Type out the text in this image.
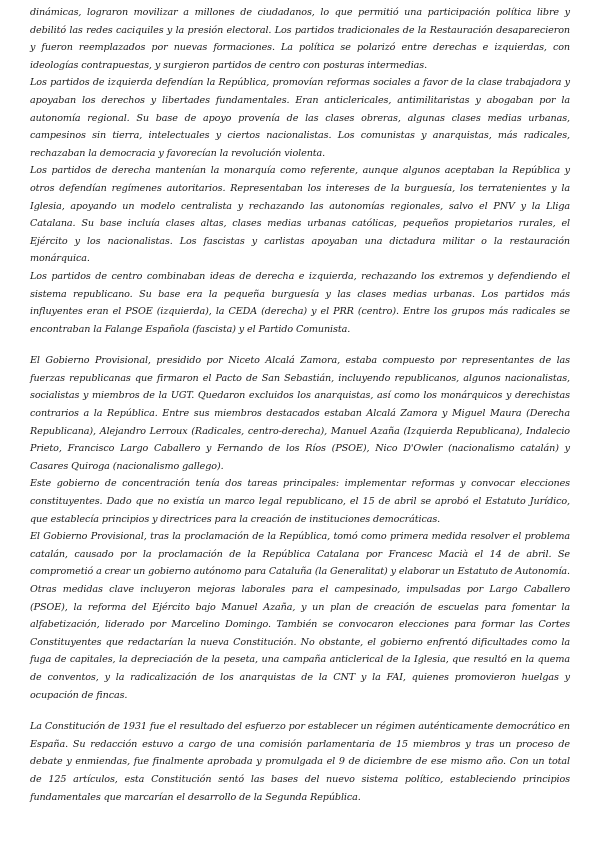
dinámicas, lograron movilizar a millones de ciudadanos, lo que permitió una participación política libre y debilitó las redes caciquiles y la presión electoral. Los partidos tradicionales de la Restauración desaparecieron y fueron reemplazados por nuevas formaciones. La política se polarizó entre derechas e izquierdas, con ideologías contrapuestas, y surgieron partidos de centro con posturas intermedias.

Los partidos de izquierda defendían la República, promovían reformas sociales a favor de la clase trabajadora y apoyaban los derechos y libertades fundamentales. Eran anticlericales, antimilitaristas y abogaban por la autonomía regional. Su base de apoyo provenía de las clases obreras, algunas clases medias urbanas, campesinos sin tierra, intelectuales y ciertos nacionalistas. Los comunistas y anarquistas, más radicales, rechazaban la democracia y favorecían la revolución violenta.

Los partidos de derecha mantenían la monarquía como referente, aunque algunos aceptaban la República y otros defendían regímenes autoritarios. Representaban los intereses de la burguesía, los terratenientes y la Iglesia, apoyando un modelo centralista y rechazando las autonomías regionales, salvo el PNV y la Lliga Catalana. Su base incluía clases altas, clases medias urbanas católicas, pequeños propietarios rurales, el Ejército y los nacionalistas. Los fascistas y carlistas apoyaban una dictadura militar o la restauración monárquica.

Los partidos de centro combinaban ideas de derecha e izquierda, rechazando los extremos y defendiendo el sistema republicano. Su base era la pequeña burguesía y las clases medias urbanas. Los partidos más influyentes eran el PSOE (izquierda), la CEDA (derecha) y el PRR (centro). Entre los grupos más radicales se encontraban la Falange Española (fascista) y el Partido Comunista.

El Gobierno Provisional, presidido por Niceto Alcalá Zamora, estaba compuesto por representantes de las fuerzas republicanas que firmaron el Pacto de San Sebastián, incluyendo republicanos, algunos nacionalistas, socialistas y miembros de la UGT. Quedaron excluidos los anarquistas, así como los monárquicos y derechistas contrarios a la República. Entre sus miembros destacados estaban Alcalá Zamora y Miguel Maura (Derecha Republicana), Alejandro Lerroux (Radicales, centro-derecha), Manuel Azaña (Izquierda Republicana), Indalecio Prieto, Francisco Largo Caballero y Fernando de los Ríos (PSOE), Nico D'Owler (nacionalismo catalán) y Casares Quiroga (nacionalismo gallego).

Este gobierno de concentración tenía dos tareas principales: implementar reformas y convocar elecciones constituyentes. Dado que no existía un marco legal republicano, el 15 de abril se aprobó el Estatuto Jurídico, que establecía principios y directrices para la creación de instituciones democráticas.

El Gobierno Provisional, tras la proclamación de la República, tomó como primera medida resolver el problema catalán, causado por la proclamación de la República Catalana por Francesc Macià el 14 de abril. Se comprometió a crear un gobierno autónomo para Cataluña (la Generalitat) y elaborar un Estatuto de Autonomía. Otras medidas clave incluyeron mejoras laborales para el campesinado, impulsadas por Largo Caballero (PSOE), la reforma del Ejército bajo Manuel Azaña, y un plan de creación de escuelas para fomentar la alfabetización, liderado por Marcelino Domingo. También se convocaron elecciones para formar las Cortes Constituyentes que redactarían la nueva Constitución. No obstante, el gobierno enfrentó dificultades como la fuga de capitales, la depreciación de la peseta, una campaña anticlerical de la Iglesia, que resultó en la quema de conventos, y la radicalización de los anarquistas de la CNT y la FAI, quienes promovieron huelgas y ocupación de fincas.

La Constitución de 1931 fue el resultado del esfuerzo por establecer un régimen auténticamente democrático en España. Su redacción estuvo a cargo de una comisión parlamentaria de 15 miembros y tras un proceso de debate y enmiendas, fue finalmente aprobada y promulgada el 9 de diciembre de ese mismo año. Con un total de 125 artículos, esta Constitución sentó las bases del nuevo sistema político, estableciendo principios fundamentales que marcarían el desarrollo de la Segunda República.
